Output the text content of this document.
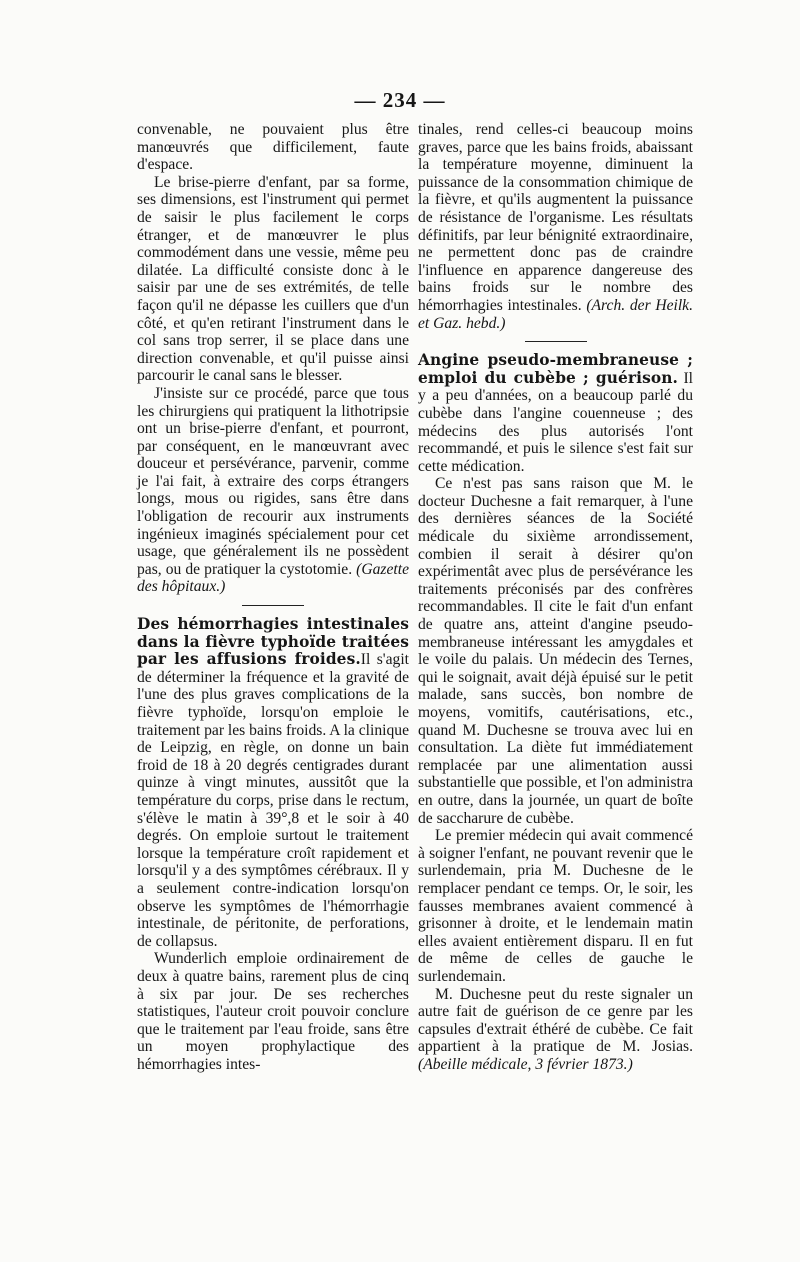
— 234 —

convenable, ne pouvaient plus être manœuvrés que difficilement, faute d'espace.

Le brise-pierre d'enfant, par sa forme, ses dimensions, est l'instrument qui permet de saisir le plus facilement le corps étranger, et de manœuvrer le plus commodément dans une vessie, même peu dilatée. La difficulté consiste donc à le saisir par une de ses extrémités, de telle façon qu'il ne dépasse les cuillers que d'un côté, et qu'en retirant l'instrument dans le col sans trop serrer, il se place dans une direction convenable, et qu'il puisse ainsi parcourir le canal sans le blesser.

J'insiste sur ce procédé, parce que tous les chirurgiens qui pratiquent la lithotripsie ont un brise-pierre d'enfant, et pourront, par conséquent, en le manœuvrant avec douceur et persévérance, parvenir, comme je l'ai fait, à extraire des corps étrangers longs, mous ou rigides, sans être dans l'obligation de recourir aux instruments ingénieux imaginés spécialement pour cet usage, que généralement ils ne possèdent pas, ou de pratiquer la cystotomie. (Gazette des hôpitaux.)

Des hémorrhagies intestinales dans la fièvre typhoïde traitées par les affusions froides.Il s'agit de déterminer la fréquence et la gravité de l'une des plus graves complications de la fièvre typhoïde, lorsqu'on emploie le traitement par les bains froids. A la clinique de Leipzig, en règle, on donne un bain froid de 18 à 20 degrés centigrades durant quinze à vingt minutes, aussitôt que la température du corps, prise dans le rectum, s'élève le matin à 39°,8 et le soir à 40 degrés. On emploie surtout le traitement lorsque la température croît rapidement et lorsqu'il y a des symptômes cérébraux. Il y a seulement contre-indication lorsqu'on observe les symptômes de l'hémorrhagie intestinale, de péritonite, de perforations, de collapsus.

Wunderlich emploie ordinairement de deux à quatre bains, rarement plus de cinq à six par jour. De ses recherches statistiques, l'auteur croit pouvoir conclure que le traitement par l'eau froide, sans être un moyen prophylactique des hémorrhagies intes-

tinales, rend celles-ci beaucoup moins graves, parce que les bains froids, abaissant la température moyenne, diminuent la puissance de la consommation chimique de la fièvre, et qu'ils augmentent la puissance de résistance de l'organisme. Les résultats définitifs, par leur bénignité extraordinaire, ne permettent donc pas de craindre l'influence en apparence dangereuse des bains froids sur le nombre des hémorrhagies intestinales. (Arch. der Heilk. et Gaz. hebd.)

Angine pseudo-membraneuse ; emploi du cubèbe ; guérison. Il y a peu d'années, on a beaucoup parlé du cubèbe dans l'angine couenneuse ; des médecins des plus autorisés l'ont recommandé, et puis le silence s'est fait sur cette médication.

Ce n'est pas sans raison que M. le docteur Duchesne a fait remarquer, à l'une des dernières séances de la Société médicale du sixième arrondissement, combien il serait à désirer qu'on expérimentât avec plus de persévérance les traitements préconisés par des confrères recommandables. Il cite le fait d'un enfant de quatre ans, atteint d'angine pseudo-membraneuse intéressant les amygdales et le voile du palais. Un médecin des Ternes, qui le soignait, avait déjà épuisé sur le petit malade, sans succès, bon nombre de moyens, vomitifs, cautérisations, etc., quand M. Duchesne se trouva avec lui en consultation. La diète fut immédiatement remplacée par une alimentation aussi substantielle que possible, et l'on administra en outre, dans la journée, un quart de boîte de saccharure de cubèbe.

Le premier médecin qui avait commencé à soigner l'enfant, ne pouvant revenir que le surlendemain, pria M. Duchesne de le remplacer pendant ce temps. Or, le soir, les fausses membranes avaient commencé à grisonner à droite, et le lendemain matin elles avaient entièrement disparu. Il en fut de même de celles de gauche le surlendemain.

M. Duchesne peut du reste signaler un autre fait de guérison de ce genre par les capsules d'extrait éthéré de cubèbe. Ce fait appartient à la pratique de M. Josias. (Abeille médicale, 3 février 1873.)
